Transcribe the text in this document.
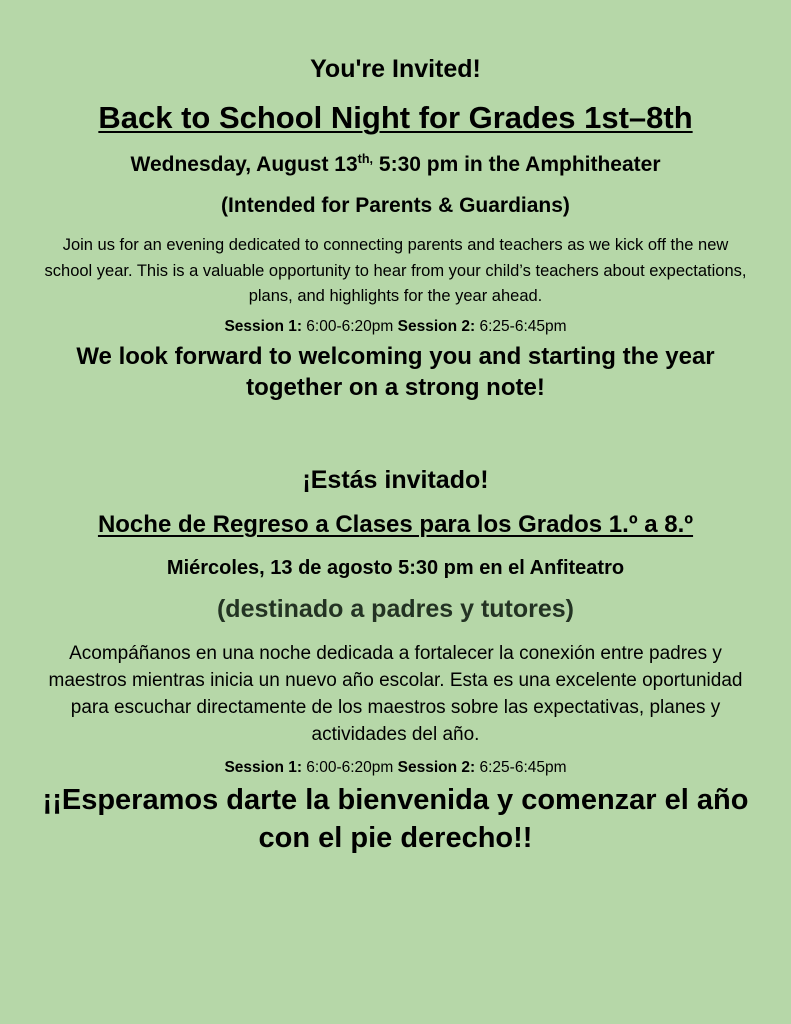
You're Invited!

Back to School Night for Grades 1st–8th

Wednesday, August $13^{th,}$ 5:30 pm in the Amphitheater

(Intended for Parents & Guardians)

Join us for an evening dedicated to connecting parents and teachers as we kick off the new school year. This is a valuable opportunity to hear from your child’s teachers about expectations, plans, and highlights for the year ahead.

Session 1: 6:00-6:20pm Session 2: 6:25-6:45pm

We look forward to welcoming you and starting the year together on a strong note!

¡Estás invitado!

Noche de Regreso a Clases para los Grados 1.º a 8.º

Miércoles, 13 de agosto 5:30 pm en el Anfiteatro

(destinado a padres y tutores)

Acompáñanos en una noche dedicada a fortalecer la conexión entre padres y maestros mientras inicia un nuevo año escolar. Esta es una excelente oportunidad para escuchar directamente de los maestros sobre las expectativas, planes y actividades del año.

Session 1: 6:00-6:20pm Session 2: 6:25-6:45pm

¡¡Esperamos darte la bienvenida y comenzar el año con el pie derecho!!
